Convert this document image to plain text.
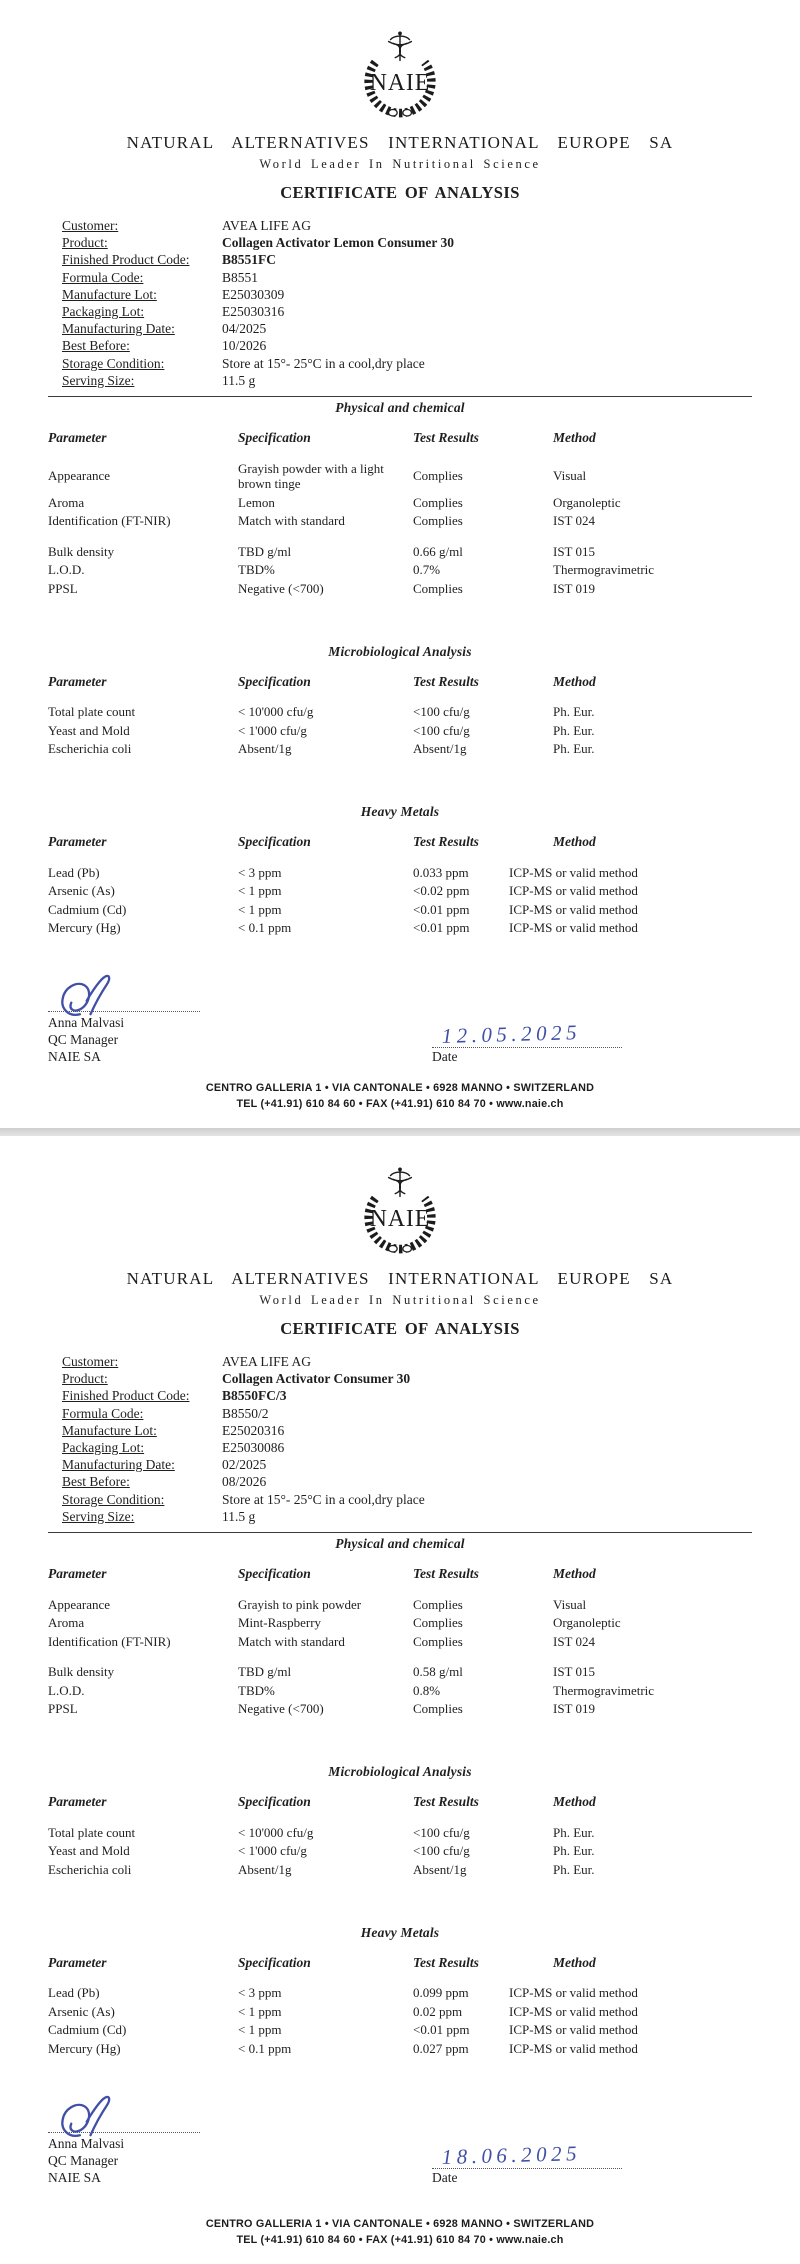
NAIE
NATURAL ALTERNATIVES INTERNATIONAL EUROPE SA
World Leader In Nutritional Science
CERTIFICATE OF ANALYSIS
Customer:	AVEA LIFE AG
Product:	Collagen Activator Lemon Consumer 30
Finished Product Code:	B8551FC
Formula Code:	B8551
Manufacture Lot:	E25030309
Packaging Lot:	E25030316
Manufacturing Date:	04/2025
Best Before:	10/2026
Storage Condition:	Store at 15°- 25°C in a cool,dry place
Serving Size:	11.5 g
Physical and chemical
Parameter	Specification	Test Results	Method
Appearance	Grayish powder with a light brown tinge	Complies	Visual
Aroma	Lemon	Complies	Organoleptic
Identification (FT-NIR)	Match with standard	Complies	IST 024

Bulk density	TBD g/ml	0.66 g/ml	IST 015
L.O.D.	TBD%	0.7%	Thermogravimetric
PPSL	Negative (<700)	Complies	IST 019
Microbiological Analysis
Parameter	Specification	Test Results	Method
Total plate count	< 10'000 cfu/g	<100 cfu/g	Ph. Eur.
Yeast and Mold	< 1'000 cfu/g	<100 cfu/g	Ph. Eur.
Escherichia coli	Absent/1g	Absent/1g	Ph. Eur.
Heavy Metals
Parameter	Specification	Test Results	Method
Lead (Pb)	< 3 ppm	0.033 ppm	ICP-MS or valid method
Arsenic (As)	< 1 ppm	<0.02 ppm	ICP-MS or valid method
Cadmium (Cd)	< 1 ppm	<0.01 ppm	ICP-MS or valid method
Mercury (Hg)	< 0.1 ppm	<0.01 ppm	ICP-MS or valid method
Anna Malvasi
QC Manager
NAIE SA
12.05.2025
Date
CENTRO GALLERIA 1 • VIA CANTONALE • 6928 MANNO • SWITZERLAND
TEL (+41.91) 610 84 60 • FAX (+41.91) 610 84 70 • www.naie.ch
NAIE
NATURAL ALTERNATIVES INTERNATIONAL EUROPE SA
World Leader In Nutritional Science
CERTIFICATE OF ANALYSIS
Customer:	AVEA LIFE AG
Product:	Collagen Activator Consumer 30
Finished Product Code:	B8550FC/3
Formula Code:	B8550/2
Manufacture Lot:	E25020316
Packaging Lot:	E25030086
Manufacturing Date:	02/2025
Best Before:	08/2026
Storage Condition:	Store at 15°- 25°C in a cool,dry place
Serving Size:	11.5 g
Physical and chemical
Parameter	Specification	Test Results	Method
Appearance	Grayish to pink powder	Complies	Visual
Aroma	Mint-Raspberry	Complies	Organoleptic
Identification (FT-NIR)	Match with standard	Complies	IST 024

Bulk density	TBD g/ml	0.58 g/ml	IST 015
L.O.D.	TBD%	0.8%	Thermogravimetric
PPSL	Negative (<700)	Complies	IST 019
Microbiological Analysis
Parameter	Specification	Test Results	Method
Total plate count	< 10'000 cfu/g	<100 cfu/g	Ph. Eur.
Yeast and Mold	< 1'000 cfu/g	<100 cfu/g	Ph. Eur.
Escherichia coli	Absent/1g	Absent/1g	Ph. Eur.
Heavy Metals
Parameter	Specification	Test Results	Method
Lead (Pb)	< 3 ppm	0.099 ppm	ICP-MS or valid method
Arsenic (As)	< 1 ppm	0.02 ppm	ICP-MS or valid method
Cadmium (Cd)	< 1 ppm	<0.01 ppm	ICP-MS or valid method
Mercury (Hg)	< 0.1 ppm	0.027 ppm	ICP-MS or valid method
Anna Malvasi
QC Manager
NAIE SA
18.06.2025
Date
CENTRO GALLERIA 1 • VIA CANTONALE • 6928 MANNO • SWITZERLAND
TEL (+41.91) 610 84 60 • FAX (+41.91) 610 84 70 • www.naie.ch
